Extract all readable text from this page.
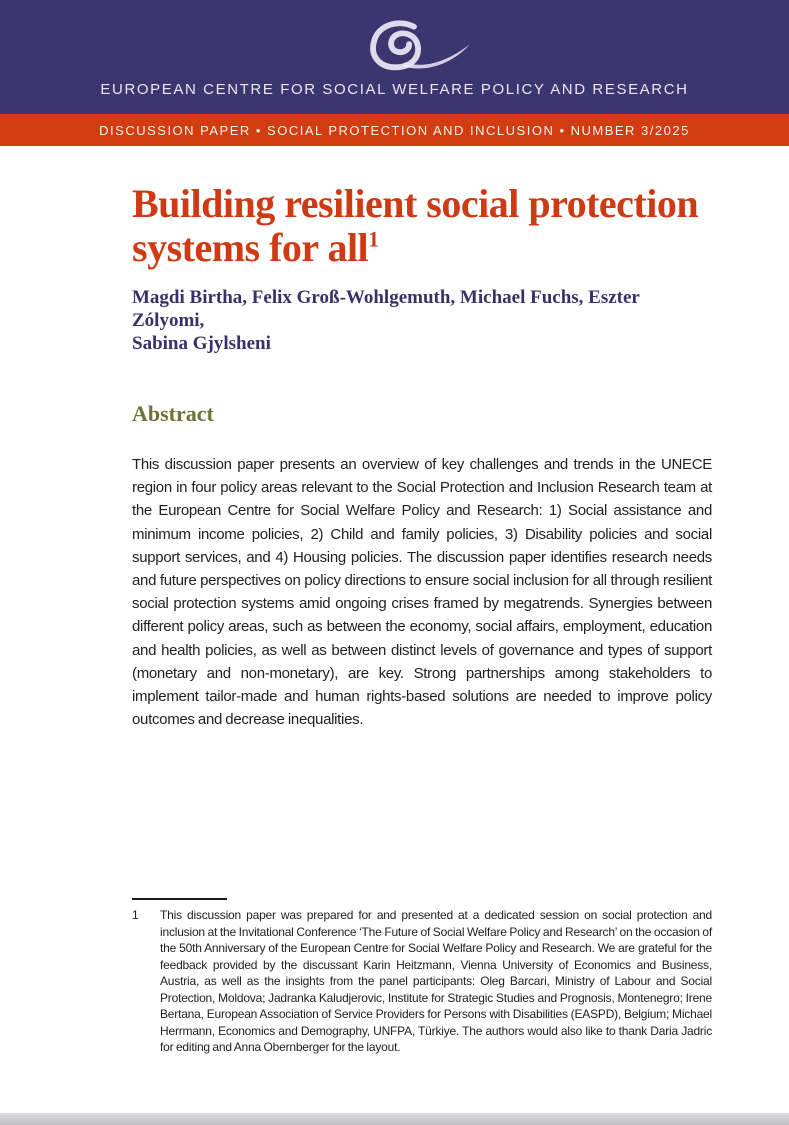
EUROPEAN CENTRE FOR SOCIAL WELFARE POLICY AND RESEARCH
DISCUSSION PAPER • SOCIAL PROTECTION AND INCLUSION • NUMBER 3/2025
Building resilient social protection
systems for all$^1$

Magdi Birtha, Felix Groß-Wohlgemuth, Michael Fuchs, Eszter Zólyomi,
Sabina Gjylsheni

Abstract

This discussion paper presents an overview of key challenges and trends in the UNECE region in four policy areas relevant to the Social Protection and Inclusion Research team at the European Centre for Social Welfare Policy and Research: 1) Social assistance and minimum income policies, 2) Child and family policies, 3) Disability policies and social support services, and 4) Housing policies. The discussion paper identifies research needs and future perspectives on policy directions to ensure social inclusion for all through resilient social protection systems amid ongoing crises framed by megatrends. Synergies between different policy areas, such as between the economy, social affairs, employment, education and health policies, as well as between distinct levels of governance and types of support (monetary and non-monetary), are key. Strong partnerships among stakeholders to implement tailor-made and human rights-based solutions are needed to improve policy outcomes and decrease inequalities.

1	This discussion paper was prepared for and presented at a dedicated session on social protection and inclusion at the Invitational Conference ‘The Future of Social Welfare Policy and Research’ on the occasion of the 50th Anniversary of the European Centre for Social Welfare Policy and Research. We are grateful for the feedback provided by the discussant Karin Heitzmann, Vienna University of Economics and Business, Austria, as well as the insights from the panel participants: Oleg Barcari, Ministry of Labour and Social Protection, Moldova; Jadranka Kaludjerovic, Institute for Strategic Studies and Prognosis, Montenegro; Irene Bertana, European Association of Service Providers for Persons with Disabilities (EASPD), Belgium; Michael Herrmann, Economics and Demography, UNFPA, Türkiye. The authors would also like to thank Daria Jadric for editing and Anna Obernberger for the layout.
